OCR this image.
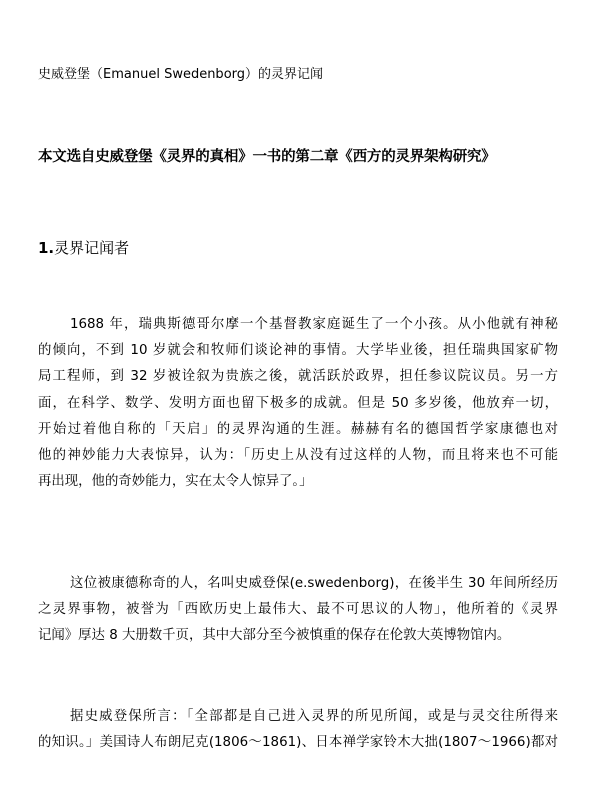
史威登堡（Emanuel Swedenborg）的灵界记闻
本文选自史威登堡《灵界的真相》一书的第二章《西方的灵界架构研究》
1.灵界记闻者
1688 年，瑞典斯德哥尔摩一个基督教家庭诞生了一个小孩。从小他就有神秘
的倾向，不到 10 岁就会和牧师们谈论神的事情。大学毕业後，担任瑞典国家矿物
局工程师，到 32 岁被诠叙为贵族之後，就活跃於政界，担任参议院议员。另一方
面，在科学、数学、发明方面也留下极多的成就。但是 50 多岁後，他放弃一切，
开始过着他自称的「天启」的灵界沟通的生涯。赫赫有名的德国哲学家康德也对
他的神妙能力大表惊异，认为：「历史上从没有过这样的人物，而且将来也不可能
再出现，他的奇妙能力，实在太令人惊异了。」
这位被康德称奇的人，名叫史威登保(e.swedenborg)，在後半生 30 年间所经历
之灵界事物，被誉为「西欧历史上最伟大、最不可思议的人物」，他所着的《灵界
记闻》厚达 8 大册数千页，其中大部分至今被慎重的保存在伦敦大英博物馆内。
据史威登保所言：「全部都是自己进入灵界的所见所闻，或是与灵交往所得来
的知识。」美国诗人布朗尼克(1806～1861)、日本禅学家铃木大拙(1807～1966)都对
